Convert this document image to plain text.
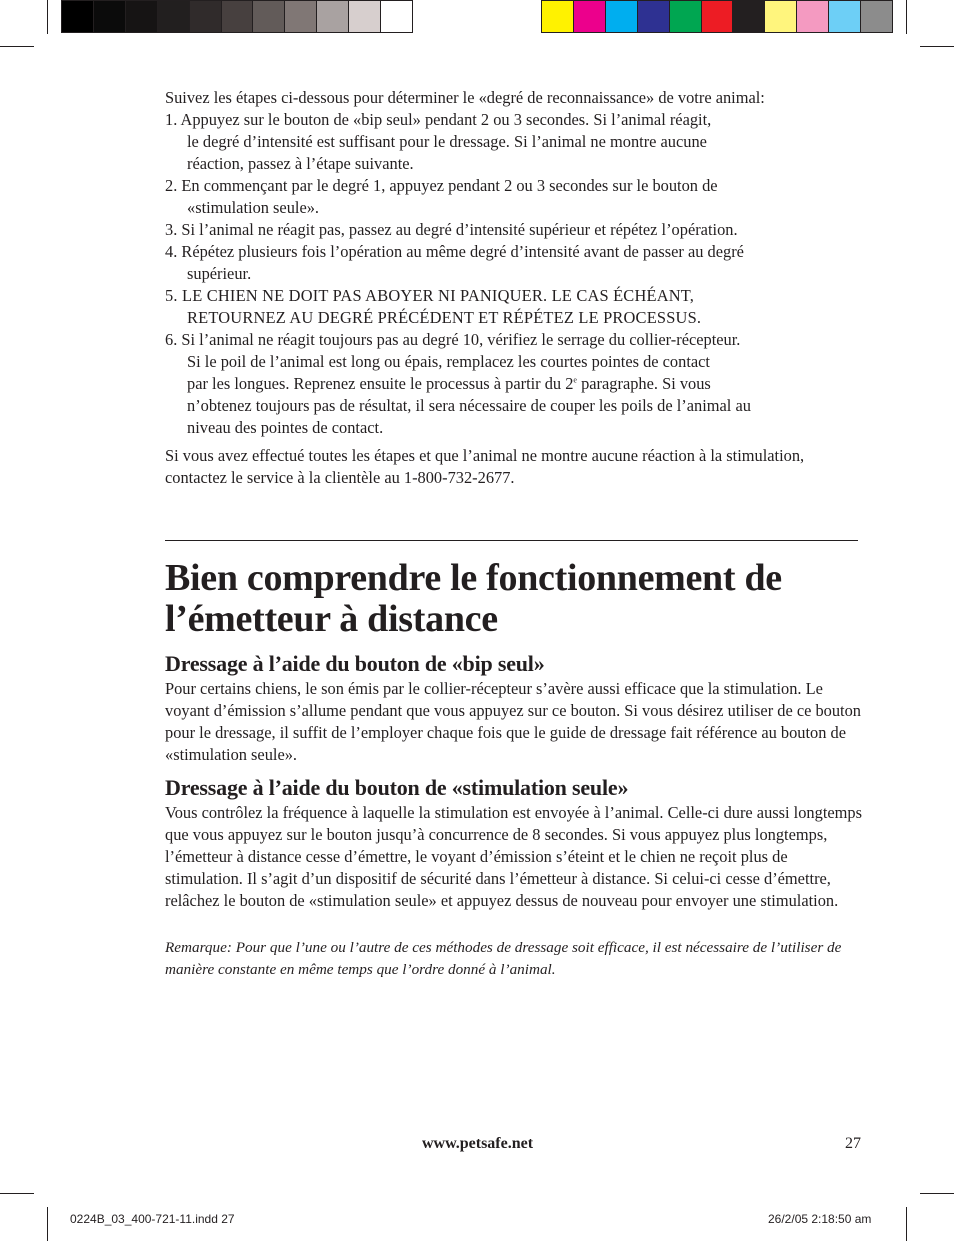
Suivez les étapes ci-dessous pour déterminer le «degré de reconnaissance» de votre animal:

1. Appuyez sur le bouton de «bip seul» pendant 2 ou 3 secondes. Si l’animal réagit,
le degré d’intensité est suffisant pour le dressage. Si l’animal ne montre aucune
réaction, passez à l’étape suivante.
2. En commençant par le degré 1, appuyez pendant 2 ou 3 secondes sur le bouton de
«stimulation seule».
3. Si l’animal ne réagit pas, passez au degré d’intensité supérieur et répétez l’opération.
4. Répétez plusieurs fois l’opération au même degré d’intensité avant de passer au degré
supérieur.
5. LE CHIEN NE DOIT PAS ABOYER NI PANIQUER. LE CAS ÉCHÉANT,
RETOURNEZ AU DEGRÉ PRÉCÉDENT ET RÉPÉTEZ LE PROCESSUS.
6. Si l’animal ne réagit toujours pas au degré 10, vérifiez le serrage du collier-récepteur.
Si le poil de l’animal est long ou épais, remplacez les courtes pointes de contact
par les longues. Reprenez ensuite le processus à partir du 2e paragraphe. Si vous
n’obtenez toujours pas de résultat, il sera nécessaire de couper les poils de l’animal au
niveau des pointes de contact.

Si vous avez effectué toutes les étapes et que l’animal ne montre aucune réaction à la stimulation, contactez le service à la clientèle au 1-800-732-2677.

Bien comprendre le fonctionnement de
l’émetteur à distance
Dressage à l’aide du bouton de «bip seul»

Pour certains chiens, le son émis par le collier-récepteur s’avère aussi efficace que la stimulation. Le voyant d’émission s’allume pendant que vous appuyez sur ce bouton. Si vous désirez utiliser de ce bouton pour le dressage, il suffit de l’employer chaque fois que le guide de dressage fait référence au bouton de «stimulation seule».

Dressage à l’aide du bouton de «stimulation seule»

Vous contrôlez la fréquence à laquelle la stimulation est envoyée à l’animal. Celle-ci dure aussi longtemps que vous appuyez sur le bouton jusqu’à concurrence de 8 secondes. Si vous appuyez plus longtemps, l’émetteur à distance cesse d’émettre, le voyant d’émission s’éteint et le chien ne reçoit plus de stimulation. Il s’agit d’un dispositif de sécurité dans l’émetteur à distance. Si celui-ci cesse d’émettre, relâchez le bouton de «stimulation seule» et appuyez dessus de nouveau pour envoyer une stimulation.

Remarque: Pour que l’une ou l’autre de ces méthodes de dressage soit efficace, il est nécessaire de l’utiliser de manière constante en même temps que l’ordre donné à l’animal.

www.petsafe.net	27
0224B_03_400-721-11.indd 27	26/2/05 2:18:50 am
